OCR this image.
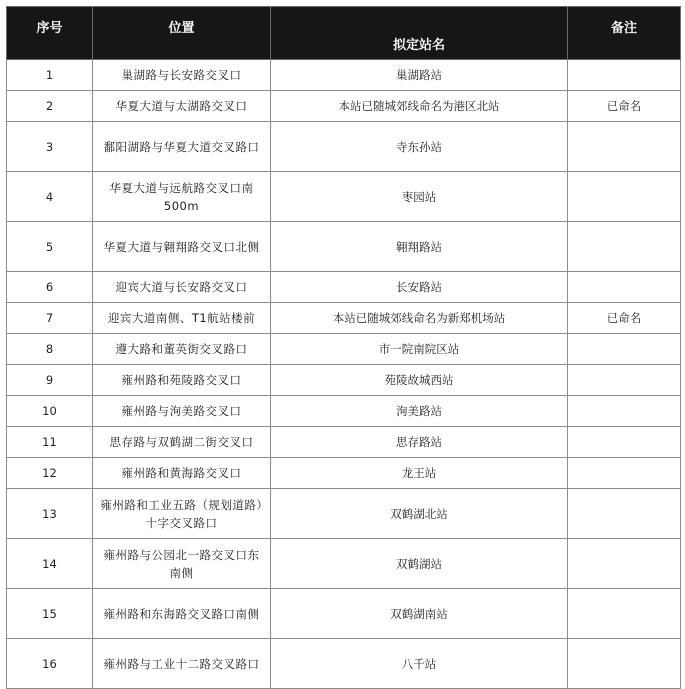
序号	位置	拟定站名	备注
1	巢湖路与长安路交叉口	巢湖路站	
2	华夏大道与太湖路交叉口	本站已随城郊线命名为港区北站	已命名
3	鄱阳湖路与华夏大道交叉路口	寺东孙站	
4	华夏大道与远航路交叉口南500m	枣园站	
5	华夏大道与翱翔路交叉口北侧	翱翔路站	
6	迎宾大道与长安路交叉口	长安路站	
7	迎宾大道南侧、T1航站楼前	本站已随城郊线命名为新郑机场站	已命名
8	遵大路和董英街交叉路口	市一院南院区站	
9	雍州路和苑陵路交叉口	苑陵故城西站	
10	雍州路与洵美路交叉口	洵美路站	
11	思存路与双鹤湖二街交叉口	思存路站	
12	雍州路和黄海路交叉口	龙王站	
13	雍州路和工业五路（规划道路）十字交叉路口	双鹤湖北站	
14	雍州路与公园北一路交叉口东南侧	双鹤湖站	
15	雍州路和东海路交叉路口南侧	双鹤湖南站	
16	雍州路与工业十二路交叉路口	八千站	
